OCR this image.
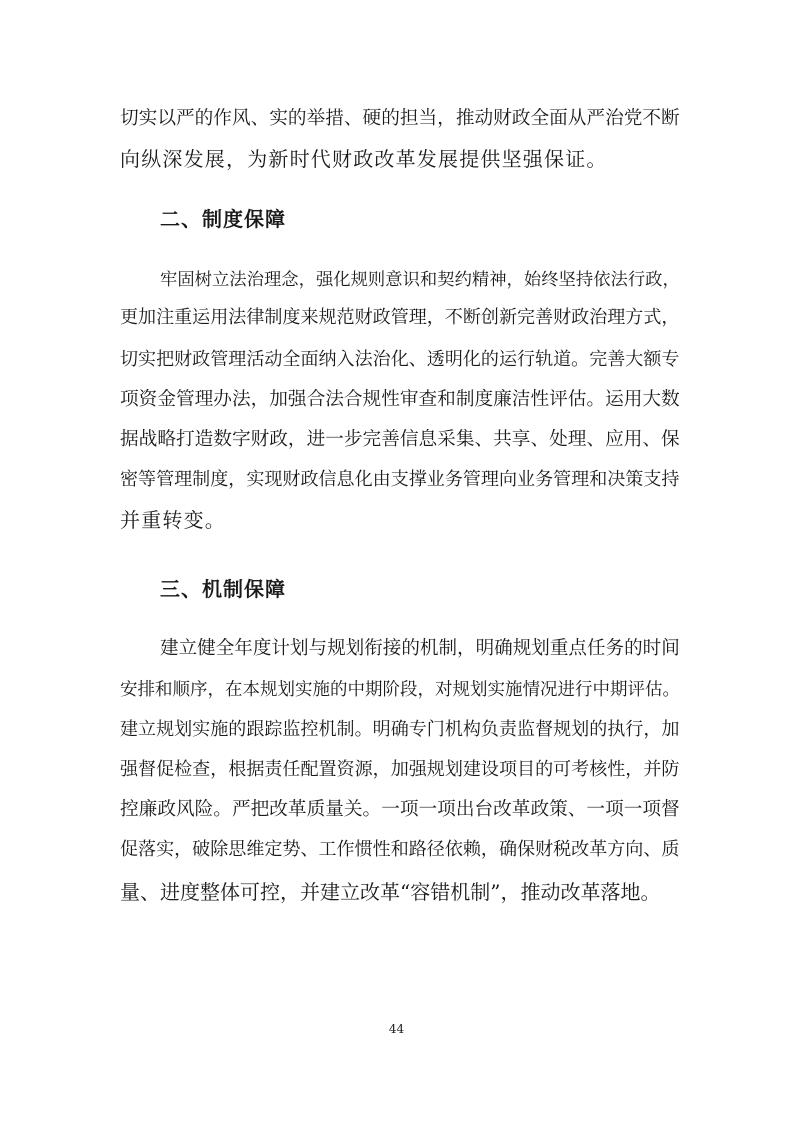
切实以严的作风、实的举措、硬的担当，推动财政全面从严治党不断
向纵深发展，为新时代财政改革发展提供坚强保证。
二、制度保障
牢固树立法治理念，强化规则意识和契约精神，始终坚持依法行政，
更加注重运用法律制度来规范财政管理，不断创新完善财政治理方式，
切实把财政管理活动全面纳入法治化、透明化的运行轨道。完善大额专
项资金管理办法，加强合法合规性审查和制度廉洁性评估。运用大数
据战略打造数字财政，进一步完善信息采集、共享、处理、应用、保
密等管理制度，实现财政信息化由支撑业务管理向业务管理和决策支持
并重转变。
三、机制保障
建立健全年度计划与规划衔接的机制，明确规划重点任务的时间
安排和顺序，在本规划实施的中期阶段，对规划实施情况进行中期评估。
建立规划实施的跟踪监控机制。明确专门机构负责监督规划的执行，加
强督促检查，根据责任配置资源，加强规划建设项目的可考核性，并防
控廉政风险。严把改革质量关。一项一项出台改革政策、一项一项督
促落实，破除思维定势、工作惯性和路径依赖，确保财税改革方向、质
量、进度整体可控，并建立改革“容错机制”，推动改革落地。
44
